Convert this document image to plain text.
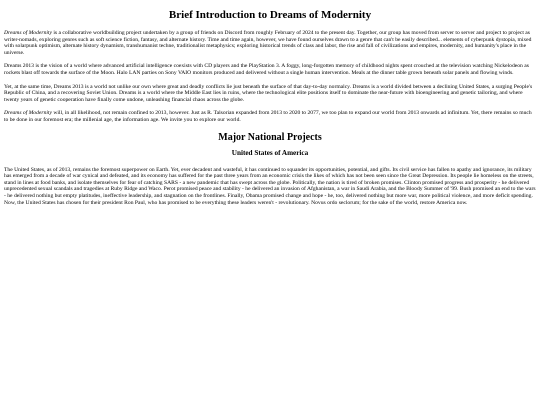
Brief Introduction to Dreams of Modernity

Dreams of Modernity is a collaborative worldbuilding project undertaken by a group of friends on Discord from roughly February of 2024 to the present day. Together, our group has moved from server to server and project to project as writer-nomads, exploring genres such as soft science fiction, fantasy, and alternate history. Time and time again, however, we have found ourselves drawn to a genre that can't be easily described... elements of cyberpunk dystopia, mixed with solarpunk optimism, alternate history dynamism, transhumanist techne, traditionalist metaphysics; exploring historical trends of class and labor, the rise and fall of civilizations and empires, modernity, and humanity's place in the universe.

Dreams 2013 is the vision of a world where advanced artificial intelligence coexists with CD players and the PlayStation 3. A foggy, long-forgotten memory of childhood nights spent crouched at the television watching Nickelodeon as rockets blast off towards the surface of the Moon. Halo LAN parties on Sony VAIO monitors produced and delivered without a single human intervention. Meals at the dinner table grown beneath solar panels and flowing winds.

Yet, at the same time, Dreams 2013 is a world not unlike our own where great and deadly conflicts lie just beneath the surface of that day-to-day normalcy. Dreams is a world divided between a declining United States, a surging People's Republic of China, and a recovering Soviet Union. Dreams is a world where the Middle East lies in ruins, where the technological elite positions itself to dominate the near-future with bioengineering and genetic tailoring, and where twenty years of genetic cooperation have finally come undone, unleashing financial chaos across the globe.

Dreams of Modernity will, in all likelihood, not remain confined to 2013, however. Just as R. Talsorian expanded from 2013 to 2020 to 2077, we too plan to expand our world from 2013 onwards ad infinitum. Yet, there remains so much to be done in our foremost era; the millenial age, the information age. We invite you to explore our world.

Major National Projects
United States of America

The United States, as of 2013, remains the foremost superpower on Earth. Yet, ever decadent and wasteful, it has continued to squander its opportunities, potential, and gifts. Its civil service has fallen to apathy and ignorance, its military has emerged from a decade of war cynical and defeated, and its economy has suffered for the past three years from an economic crisis the likes of which has not been seen since the Great Depression. Its people lie homeless on the streets, stand in lines at food banks, and isolate themselves for fear of catching SARS - a new pandemic that has swept across the globe. Politically, the nation is tired of broken promises. Clinton promised progress and prosperity - he delivered unprecedented sexual scandals and tragedies at Ruby Ridge and Waco. Perot promised peace and stability - he delivered an invasion of Afghanistan, a war in Saudi Arabia, and the Bloody Summer of '99. Bush promised an end to the wars - he delivered nothing but empty platitudes, ineffective leadership, and stagnation on the frontlines. Finally, Obama promised change and hope - he, too, delivered nothing but more war, more political violence, and more deficit spending. Now, the United States has chosen for their president Ron Paul, who has promised to be everything these leaders weren't - revolutionary. Novus ordo seclorum; for the sake of the world, restore America now.
